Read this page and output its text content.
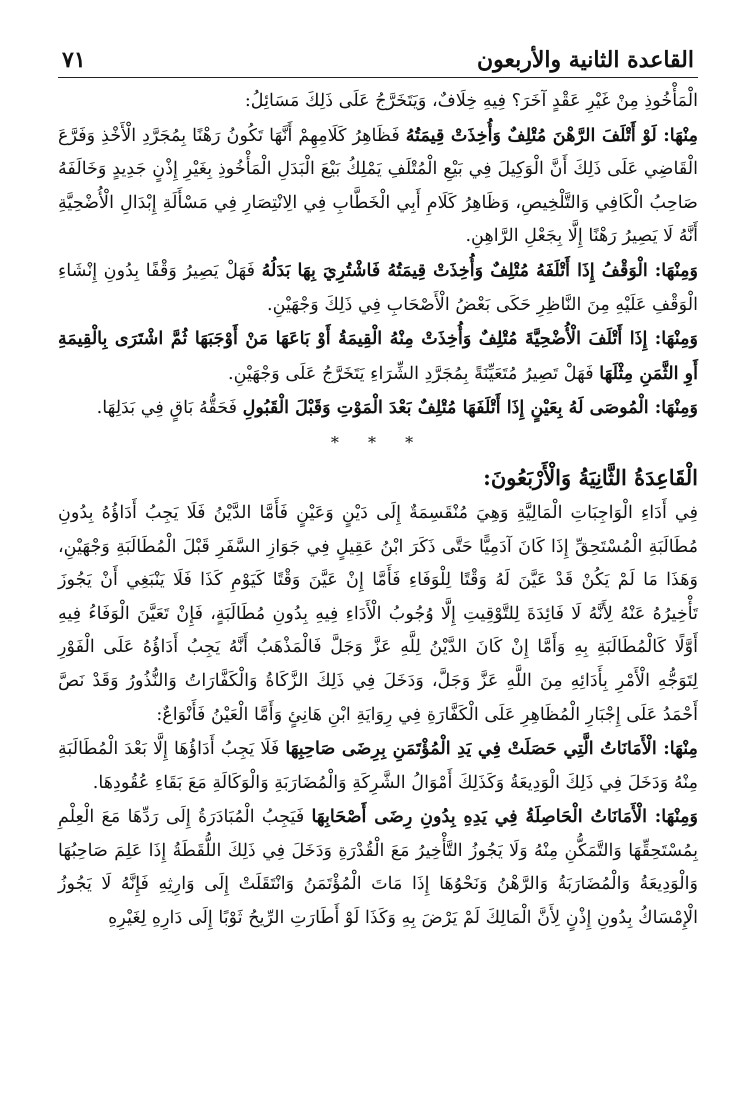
القاعدة الثانية والأربعون
٧١

الْمَأْخُوذِ مِنْ غَيْرِ عَقْدٍ آخَرَ؟ فِيهِ خِلَافٌ، وَيَتَخَرَّجُ عَلَى ذَلِكَ مَسَائِلُ:

مِنْهَا: لَوْ أَتْلَفَ الرَّهْنَ مُتْلِفٌ وَأُخِذَتْ قِيمَتُهُ فَظَاهِرُ كَلَامِهِمْ أَنَّهَا تَكُونُ رَهْنًا بِمُجَرَّدِ الْأَخْذِ وَفَرَّعَ الْقَاضِي عَلَى ذَلِكَ أَنَّ الْوَكِيلَ فِي بَيْعِ الْمُتْلَفِ يَمْلِكُ بَيْعَ الْبَدَلِ الْمَأْخُوذِ بِغَيْرِ إِذْنٍ جَدِيدٍ وَخَالَفَهُ صَاحِبُ الْكَافِي وَالتَّلْخِيصِ، وَظَاهِرُ كَلَامِ أَبِي الْخَطَّابِ فِي الِانْتِصَارِ فِي مَسْأَلَةِ إِبْدَالِ الْأُضْحِيَّةِ أَنَّهُ لَا يَصِيرُ رَهْنًا إِلَّا بِجَعْلِ الرَّاهِنِ.

وَمِنْهَا: الْوَقْفُ إِذَا أَتْلَفَهُ مُتْلِفٌ وَأُخِذَتْ قِيمَتُهُ فَاشْتُرِيَ بِهَا بَدَلُهُ فَهَلْ يَصِيرُ وَقْفًا بِدُونِ إِنْشَاءِ الْوَقْفِ عَلَيْهِ مِنَ النَّاظِرِ حَكَى بَعْضُ الْأَصْحَابِ فِي ذَلِكَ وَجْهَيْنِ.

وَمِنْهَا: إِذَا أَتْلَفَ الْأُضْحِيَّةَ مُتْلِفٌ وَأُخِذَتْ مِنْهُ الْقِيمَةُ أَوْ بَاعَهَا مَنْ أَوْجَبَهَا ثُمَّ اشْتَرَى بِالْقِيمَةِ أَوِ الثَّمَنِ مِثْلَهَا فَهَلْ تَصِيرُ مُتَعَيِّنَةً بِمُجَرَّدِ الشِّرَاءِ يَتَخَرَّجُ عَلَى وَجْهَيْنِ.

وَمِنْهَا: الْمُوصَى لَهُ بِعَيْنٍ إِذَا أَتْلَفَهَا مُتْلِفٌ بَعْدَ الْمَوْتِ وَقَبْلَ الْقَبُولِ فَحَقُّهُ بَاقٍ فِي بَدَلِهَا.

* * *
الْقَاعِدَةُ الثَّانِيَةُ وَالْأَرْبَعُونَ:

فِي أَدَاءِ الْوَاجِبَاتِ الْمَالِيَّةِ وَهِيَ مُنْقَسِمَةٌ إِلَى دَيْنٍ وَعَيْنٍ فَأَمَّا الدَّيْنُ فَلَا يَجِبُ أَدَاؤُهُ بِدُونِ مُطَالَبَةِ الْمُسْتَحِقِّ إِذَا كَانَ آدَمِيًّا حَتَّى ذَكَرَ ابْنُ عَقِيلٍ فِي جَوَازِ السَّفَرِ قَبْلَ الْمُطَالَبَةِ وَجْهَيْنِ، وَهَذَا مَا لَمْ يَكُنْ قَدْ عَيَّنَ لَهُ وَقْتًا لِلْوَفَاءِ فَأَمَّا إِنْ عَيَّنَ وَقْتًا كَيَوْمِ كَذَا فَلَا يَنْبَغِي أَنْ يَجُوزَ تَأْخِيرُهُ عَنْهُ لِأَنَّهُ لَا فَائِدَةَ لِلتَّوْقِيتِ إِلَّا وُجُوبُ الْأَدَاءِ فِيهِ بِدُونِ مُطَالَبَةٍ، فَإِنْ تَعَيَّنَ الْوَفَاءُ فِيهِ أَوَّلًا كَالْمُطَالَبَةِ بِهِ وَأَمَّا إِنْ كَانَ الدَّيْنُ لِلَّهِ عَزَّ وَجَلَّ فَالْمَذْهَبُ أَنَّهُ يَجِبُ أَدَاؤُهُ عَلَى الْفَوْرِ لِتَوَجُّهِ الْأَمْرِ بِأَدَائِهِ مِنَ اللَّهِ عَزَّ وَجَلَّ، وَدَخَلَ فِي ذَلِكَ الزَّكَاةُ وَالْكَفَّارَاتُ وَالنُّذُورُ وَقَدْ نَصَّ أَحْمَدُ عَلَى إِجْبَارِ الْمُظَاهِرِ عَلَى الْكَفَّارَةِ فِي رِوَايَةِ ابْنِ هَانِئٍ وَأَمَّا الْعَيْنُ فَأَنْوَاعٌ:

مِنْهَا: الْأَمَانَاتُ الَّتِي حَصَلَتْ فِي يَدِ الْمُؤْتَمَنِ بِرِضَى صَاحِبِهَا فَلَا يَجِبُ أَدَاؤُهَا إِلَّا بَعْدَ الْمُطَالَبَةِ مِنْهُ وَدَخَلَ فِي ذَلِكَ الْوَدِيعَةُ وَكَذَلِكَ أَمْوَالُ الشَّرِكَةِ وَالْمُضَارَبَةِ وَالْوَكَالَةِ مَعَ بَقَاءِ عُقُودِهَا.

وَمِنْهَا: الْأَمَانَاتُ الْحَاصِلَةُ فِي يَدِهِ بِدُونِ رِضَى أَصْحَابِهَا فَيَجِبُ الْمُبَادَرَةُ إِلَى رَدِّهَا مَعَ الْعِلْمِ بِمُسْتَحِقِّهَا وَالتَّمَكُّنِ مِنْهُ وَلَا يَجُوزُ التَّأْخِيرُ مَعَ الْقُدْرَةِ وَدَخَلَ فِي ذَلِكَ اللُّقَطَةُ إِذَا عَلِمَ صَاحِبُهَا وَالْوَدِيعَةُ وَالْمُضَارَبَةُ وَالرَّهْنُ وَنَحْوُهَا إِذَا مَاتَ الْمُؤْتَمَنُ وَانْتَقَلَتْ إِلَى وَارِثِهِ فَإِنَّهُ لَا يَجُوزُ الْإِمْسَاكُ بِدُونِ إِذْنٍ لِأَنَّ الْمَالِكَ لَمْ يَرْضَ بِهِ وَكَذَا لَوْ أَطَارَتِ الرِّيحُ ثَوْبًا إِلَى دَارِهِ لِغَيْرِهِ
